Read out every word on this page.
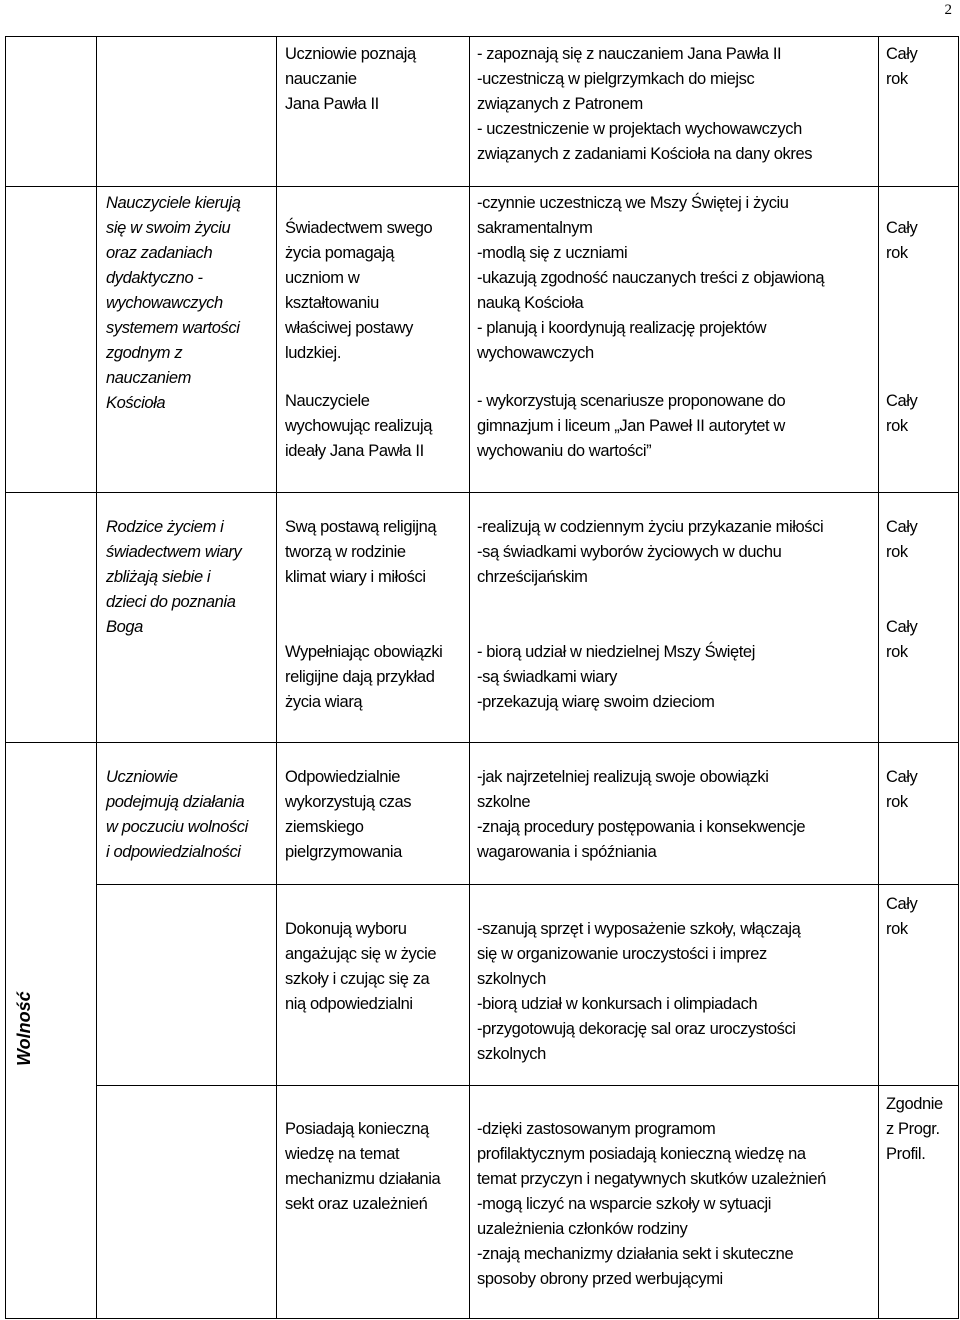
2
Wolność
Uczniowie poznają
nauczanie
Jana Pawła II
- zapoznają się z nauczaniem Jana Pawła II
-uczestniczą w pielgrzymkach do miejsc
związanych z Patronem
- uczestniczenie w projektach wychowawczych
związanych z zadaniami Kościoła na dany okres
Cały
rok
Nauczyciele kierują
się w swoim życiu
oraz zadaniach
dydaktyczno -
wychowawczych
systemem wartości
zgodnym z
nauczaniem
Kościoła
Świadectwem swego
życia pomagają
uczniom w
kształtowaniu
właściwej postawy
ludzkiej.
Nauczyciele
wychowując realizują
ideały Jana Pawła II
-czynnie uczestniczą we Mszy Świętej i życiu
sakramentalnym
-modlą się z uczniami
-ukazują zgodność nauczanych treści z objawioną
nauką Kościoła
- planują i koordynują realizację projektów
wychowawczych
- wykorzystują scenariusze proponowane do
gimnazjum i liceum „Jan Paweł II autorytet w
wychowaniu do wartości”
Cały
rok
Cały
rok
Rodzice życiem i
świadectwem wiary
zbliżają siebie i
dzieci do poznania
Boga
Swą postawą religijną
tworzą w rodzinie
klimat wiary i miłości
Wypełniając obowiązki
religijne dają przykład
życia wiarą
-realizują w codziennym życiu przykazanie miłości
-są świadkami wyborów życiowych w duchu
chrześcijańskim
- biorą udział w niedzielnej Mszy Świętej
-są świadkami wiary
-przekazują wiarę swoim dzieciom
Cały
rok
Cały
rok
Uczniowie
podejmują działania
w poczuciu wolności
i odpowiedzialności
Odpowiedzialnie
wykorzystują czas
ziemskiego
pielgrzymowania
-jak najrzetelniej realizują swoje obowiązki
szkolne
-znają procedury postępowania i konsekwencje
wagarowania i spóźniania
Cały
rok
Dokonują wyboru
angażując się w życie
szkoły i czując się za
nią odpowiedzialni
-szanują sprzęt i wyposażenie szkoły, włączają
się w organizowanie uroczystości i imprez
szkolnych
-biorą udział w konkursach i olimpiadach
-przygotowują dekorację sal oraz uroczystości
szkolnych
Cały
rok
Posiadają konieczną
wiedzę na temat
mechanizmu działania
sekt oraz uzależnień
-dzięki zastosowanym programom
profilaktycznym posiadają konieczną wiedzę na
temat przyczyn i negatywnych skutków uzależnień
-mogą liczyć na wsparcie szkoły w sytuacji
uzależnienia członków rodziny
-znają mechanizmy działania sekt i skuteczne
sposoby obrony przed werbującymi
Zgodnie
z Progr.
Profil.
